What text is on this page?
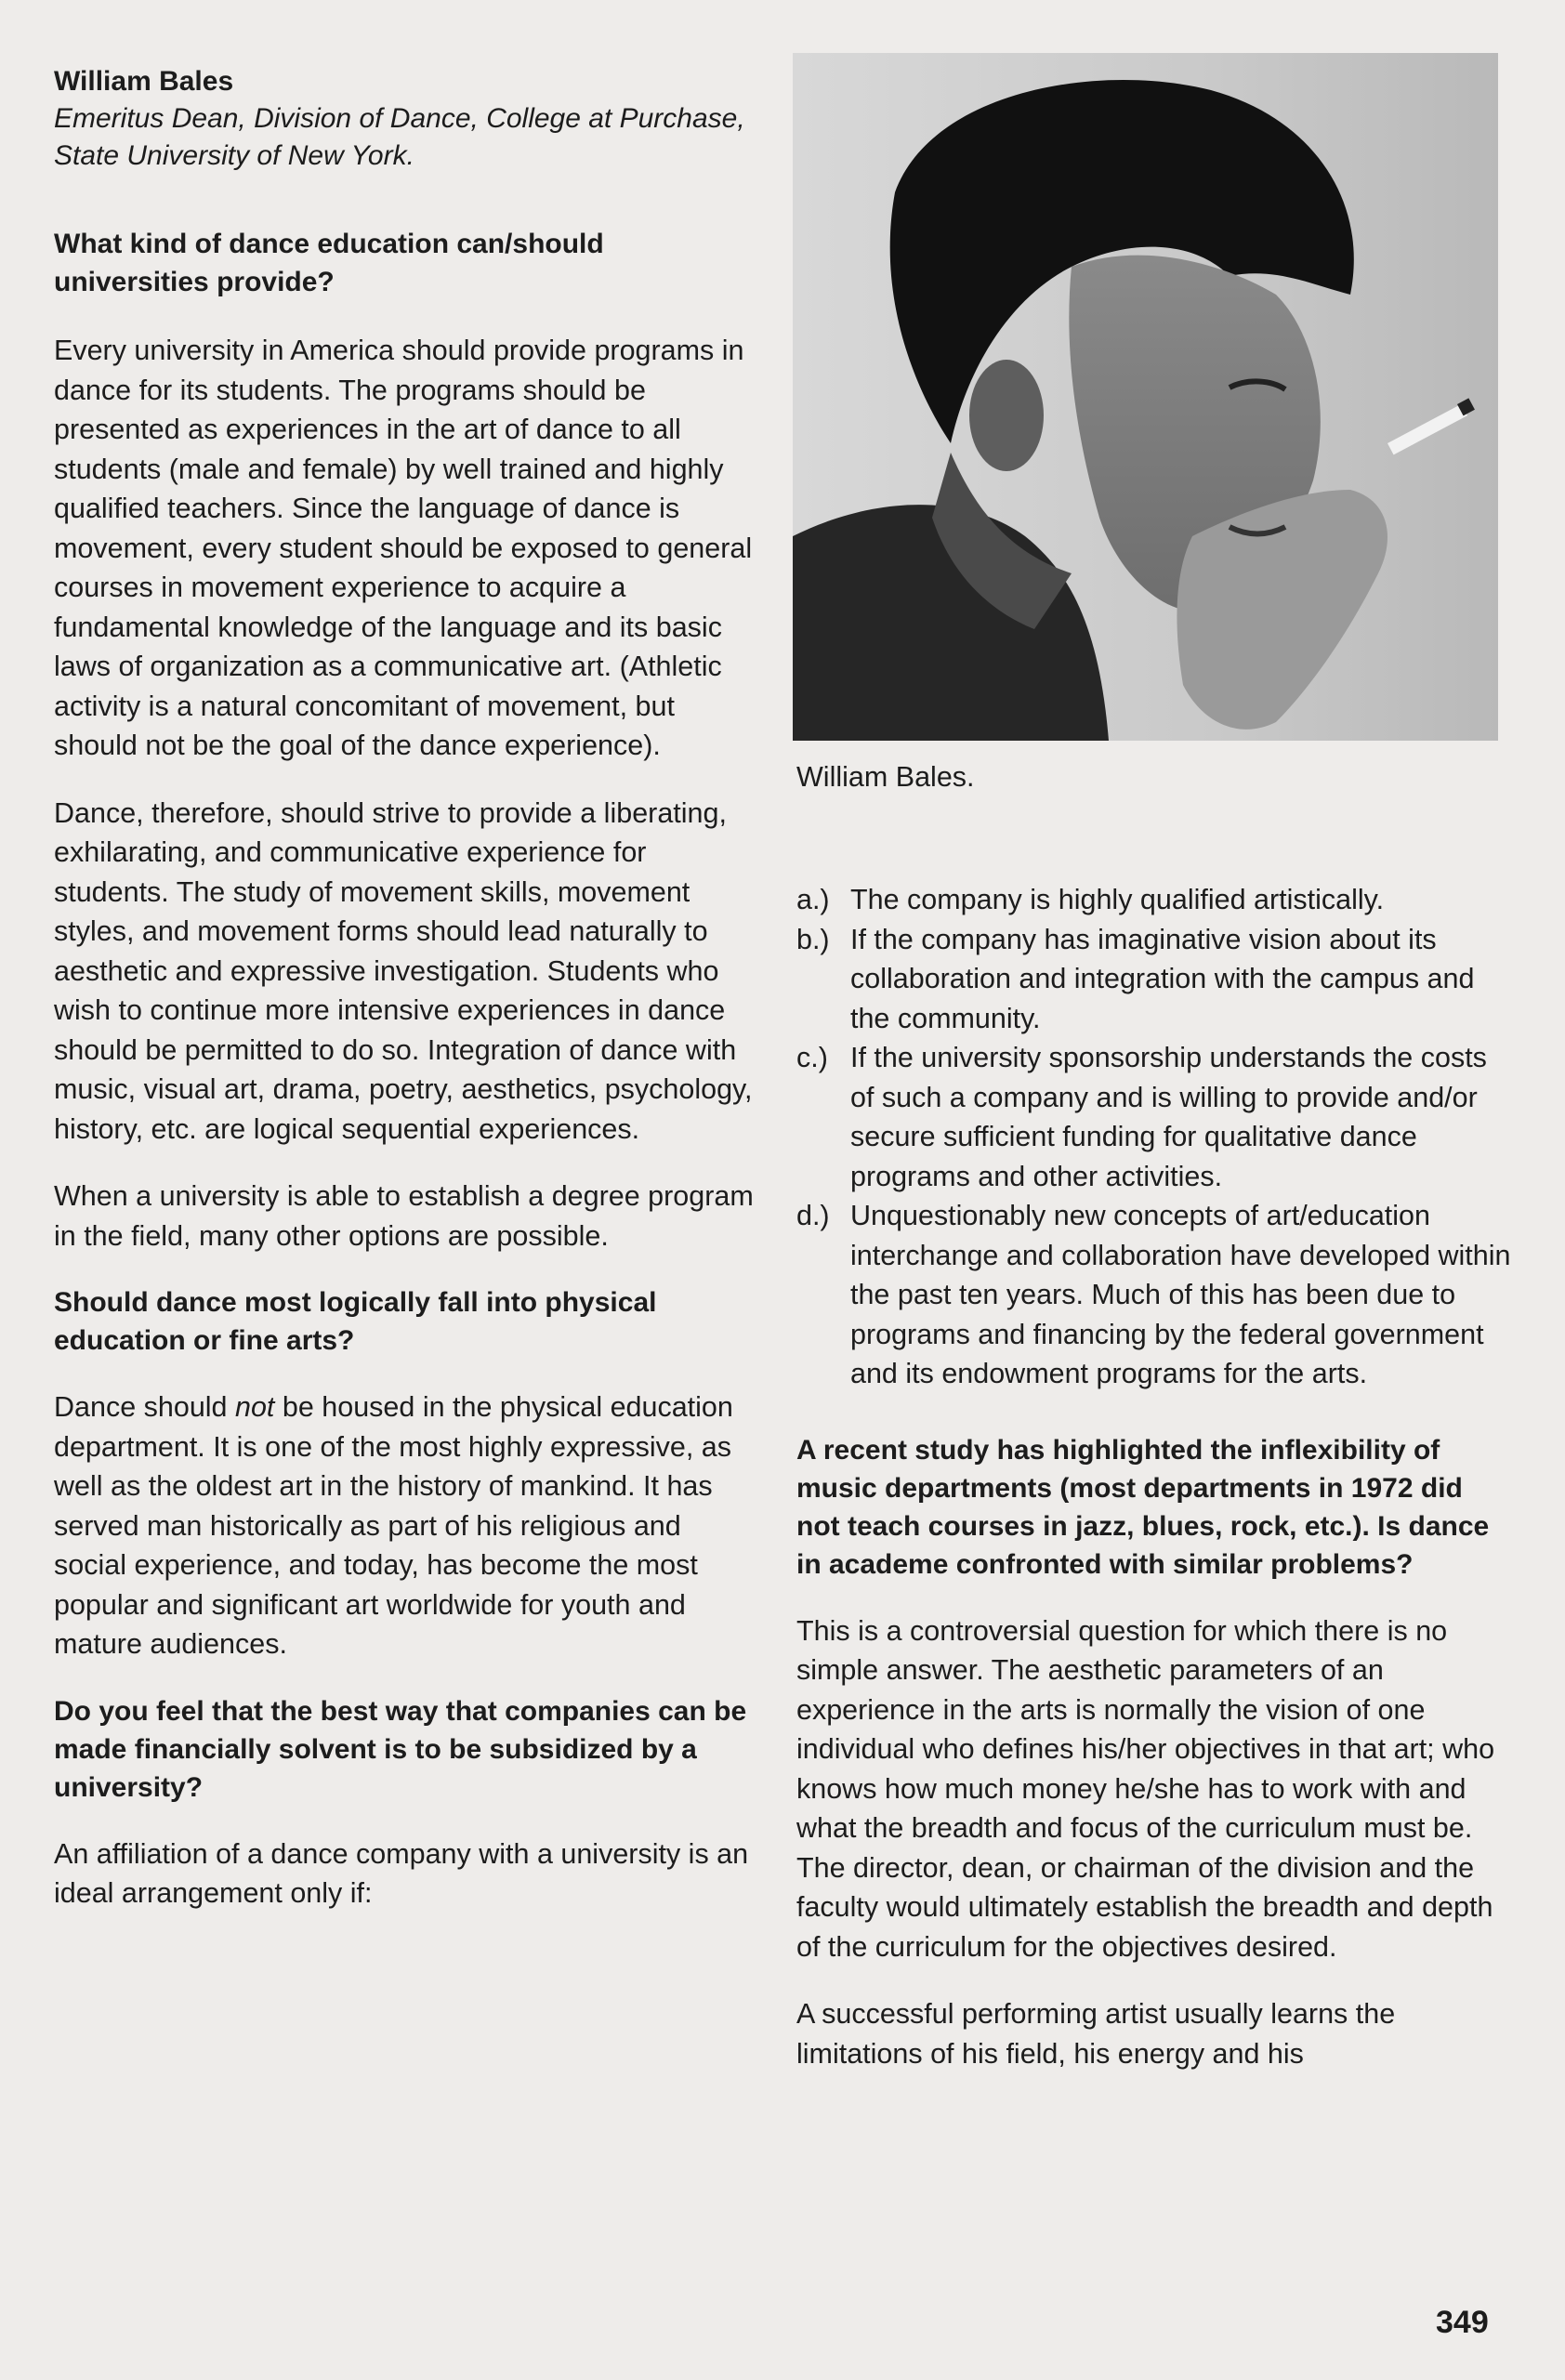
William Bales

Emeritus Dean, Division of Dance, College at Purchase, State University of New York.

What kind of dance education can/should universities provide?

Every university in America should provide programs in dance for its students. The programs should be presented as experiences in the art of dance to all students (male and female) by well trained and highly qualified teachers. Since the language of dance is movement, every student should be exposed to general courses in movement experience to acquire a fundamental knowledge of the language and its basic laws of organization as a communicative art. (Athletic activity is a natural concomitant of movement, but should not be the goal of the dance experience).

Dance, therefore, should strive to provide a liberating, exhilarating, and communicative experience for students. The study of movement skills, movement styles, and movement forms should lead naturally to aesthetic and expressive investigation. Students who wish to continue more intensive experiences in dance should be permitted to do so. Integration of dance with music, visual art, drama, poetry, aesthetics, psychology, history, etc. are logical sequential experiences.

When a university is able to establish a degree program in the field, many other options are possible.

Should dance most logically fall into physical education or fine arts?

Dance should not be housed in the physical education department. It is one of the most highly expressive, as well as the oldest art in the history of mankind. It has served man historically as part of his religious and social experience, and today, has become the most popular and significant art worldwide for youth and mature audiences.

Do you feel that the best way that companies can be made financially solvent is to be subsidized by a university?

An affiliation of a dance company with a university is an ideal arrangement only if:

William Bales.
a.) The company is highly qualified artistically.
b.) If the company has imaginative vision about its collaboration and integration with the campus and the community.
c.) If the university sponsorship understands the costs of such a company and is willing to provide and/or secure sufficient funding for qualitative dance programs and other activities.
d.) Unquestionably new concepts of art/education interchange and collaboration have developed within the past ten years. Much of this has been due to programs and financing by the federal government and its endowment programs for the arts.

A recent study has highlighted the inflexibility of music departments (most departments in 1972 did not teach courses in jazz, blues, rock, etc.). Is dance in academe confronted with similar problems?

This is a controversial question for which there is no simple answer. The aesthetic parameters of an experience in the arts is normally the vision of one individual who defines his/her objectives in that art; who knows how much money he/she has to work with and what the breadth and focus of the curriculum must be. The director, dean, or chairman of the division and the faculty would ultimately establish the breadth and depth of the curriculum for the objectives desired.

A successful performing artist usually learns the limitations of his field, his energy and his

349
